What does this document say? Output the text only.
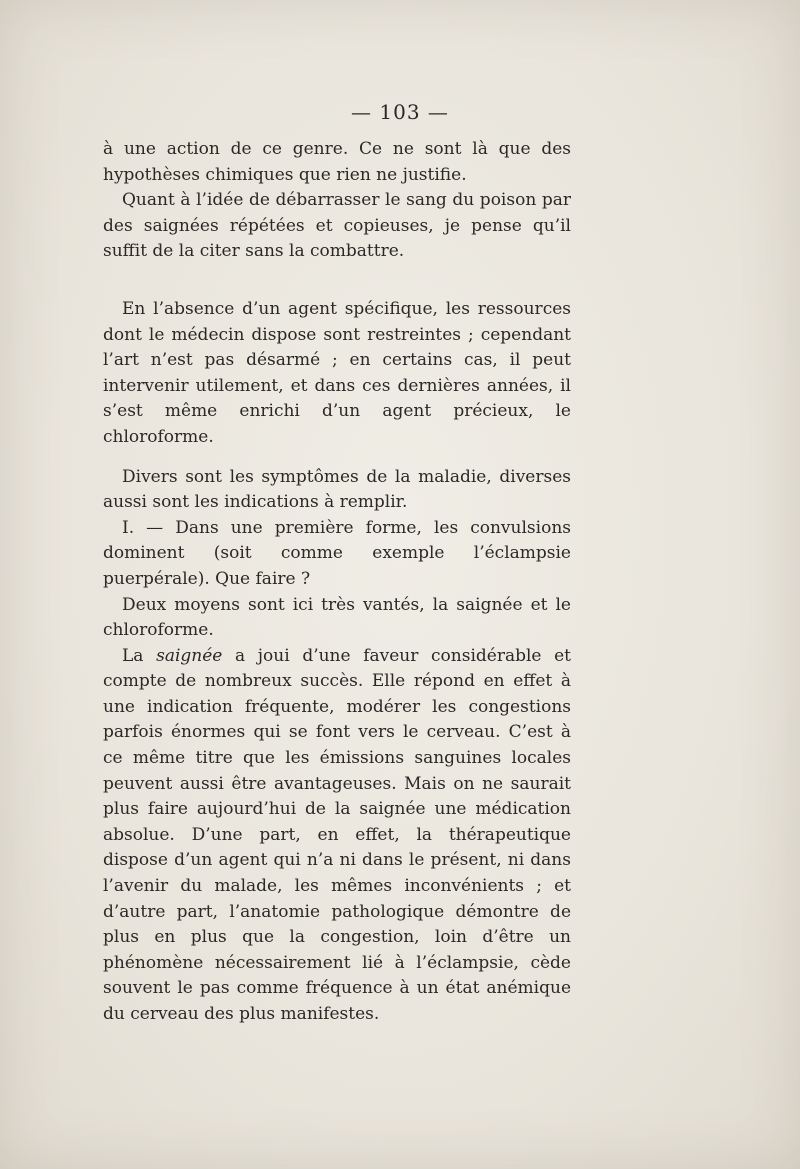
— 103 —

à une action de ce genre. Ce ne sont là que des hypothèses chimiques que rien ne justifie.

Quant à l’idée de débarrasser le sang du poison par des saignées répétées et copieuses, je pense qu’il suffit de la citer sans la combattre.

En l’absence d’un agent spécifique, les ressources dont le médecin dispose sont restreintes ; cependant l’art n’est pas désarmé ; en certains cas, il peut intervenir utilement, et dans ces dernières années, il s’est même enrichi d’un agent précieux, le chloroforme.

Divers sont les symptômes de la maladie, diverses aussi sont les indications à remplir.

I. — Dans une première forme, les convulsions dominent (soit comme exemple l’éclampsie puerpérale). Que faire ?

Deux moyens sont ici très vantés, la saignée et le chloroforme.

La saignée a joui d’une faveur considérable et compte de nombreux succès. Elle répond en effet à une indication fréquente, modérer les congestions parfois énormes qui se font vers le cerveau. C’est à ce même titre que les émissions sanguines locales peuvent aussi être avantageuses. Mais on ne saurait plus faire aujourd’hui de la saignée une médication absolue. D’une part, en effet, la thérapeutique dispose d’un agent qui n’a ni dans le présent, ni dans l’avenir du malade, les mêmes inconvénients ; et d’autre part, l’anatomie pathologique démontre de plus en plus que la congestion, loin d’être un phénomène nécessairement lié à l’éclampsie, cède souvent le pas comme fréquence à un état anémique du cerveau des plus manifestes.
